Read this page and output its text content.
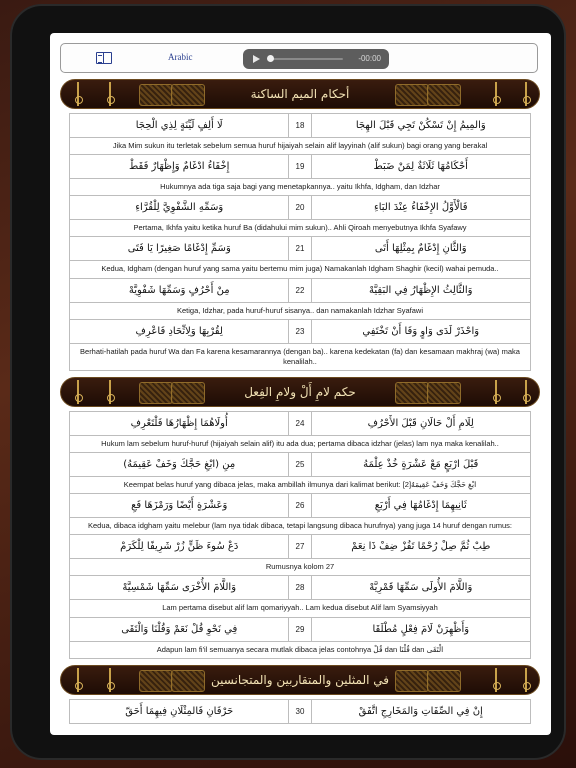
Arabic	-00:00
أحكام الميم الساكنة
لَا أَلِفٍ لَيِّنَةٍ لِذِي الْحِجَا	18	وَالمِيمُ إِنْ تَسْكُنْ تَجِي قَبْلَ الهِجَا
Jika Mim sukun itu terletak sebelum semua huruf hijaiyah selain alif layyinah (alif sukun) bagi orang yang berakal		
إِخْفَاءُ ادْغَامٌ وَإِظْهَارٌ فَقَطْ	19	أَحْكَامُهَا ثَلَاثَةٌ لِمَنْ ضَبَطْ
Hukumnya ada tiga saja bagi yang menetapkannya.. yaitu Ikhfa, Idgham, dan Idzhar		
وَسَمِّهِ الشَّفْوِيَّ لِلْقُرَّاءِ	20	فَالْأَوَّلُ الإِخْفَاءُ عِنْدَ البَاءِ
Pertama, Ikhfa yaitu ketika huruf Ba (didahului mim sukun).. Ahli Qiroah menyebutnya Ikhfa Syafawy		
وَسَمِّ إِدْغَامًا صَغِيرًا يَا فَتَى	21	وَالثَّانِ إِدْغَامٌ بِمِثْلِهَا أَتَى
Kedua, Idgham (dengan huruf yang sama yaitu bertemu mim juga) Namakanlah Idgham Shaghir (kecil) wahai pemuda..		
مِنْ أَحْرُفٍ وَسَمِّهَا شَفْوِيَّهْ	22	وَالثَّالِثُ الإِظْهَارُ فِي البَقِيَّهْ
Ketiga, Idzhar, pada huruf-huruf sisanya.. dan namakanlah Idzhar Syafawi		
لِقُرْبِهَا وَلِاتِّحَادِ فَاعْرِفِ	23	وَاحْذَرْ لَدَى وَاوٍ وَفَا أَنْ تَخْتَفِي
Berhati-hatilah pada huruf Wa dan Fa karena kesamarannya (dengan ba).. karena kedekatan (fa) dan kesamaan makhraj (wa) maka kenalilah..		
حكم لامِ أَلْ ولامِ الفِعل
أُولَاهُمَا إِظْهَارُهَا فَلْتَعْرِفِ	24	لِلَامِ أَلْ حَالَانِ قَبْلَ الأَحْرُفِ
Hukum lam sebelum huruf-huruf (hijaiyah selain alif) itu ada dua; pertama dibaca idzhar (jelas) lam nya maka kenalilah..		
مِنِ (ابْغِ حَجَّكَ وَخَفْ عَقِيمَهُ)	25	قَبْلَ ارْبَعٍ مَعْ عَشْرَةٍ خُذْ عِلْمَهُ
Keempat belas huruf yang dibaca jelas, maka ambillah ilmunya dari kalimat berikut: ابْغِ حَجَّكَ وَخَفْ عَقِيمَهُ[2]		
وَعَشْرَةٍ أَيْضًا وَرَمْزَهَا فَعِ	26	ثَانِيهِمَا إِدْغَامُهَا فِي أَرْبَعِ
Kedua, dibaca idgham yaitu melebur (lam nya tidak dibaca, tetapi langsung dibaca hurufnya) yang juga 14 huruf dengan rumus:		
دَعْ سُوءَ ظَنٍّ زُرْ شَرِيفًا لِلْكَرَمْ	27	طِبْ ثُمَّ صِلْ رُحْمًا تَفُزْ ضِفْ ذَا نِعَمْ
Rumusnya kolom 27		
وَاللَّامَ الأُخْرَى سَمِّهَا شَمْسِيَّهْ	28	وَاللَّامَ الأُولَى سَمِّهَا قَمْرِيَّهْ
Lam pertama disebut alif lam qomariyyah.. Lam kedua disebut Alif lam Syamsiyyah		
فِي نَحْوِ قُلْ نَعَمْ وَقُلْنَا وَالْتَقَى	29	وَأَظْهِرَنْ لَامَ فِعْلٍ مُطْلَقَا
Adapun lam fi'il semuanya secara mutlak dibaca jelas contohnya قُلْ dan قُلْنَا dan الْتَقَى		
في المثلين والمتقاربين والمتجانسين
حَرْفَانِ فَالمِثْلَانِ فِيهِمَا أَحَقّ	30	إِنْ فِي الصِّفَاتِ وَالمَخَارِجِ اتَّفَقْ
